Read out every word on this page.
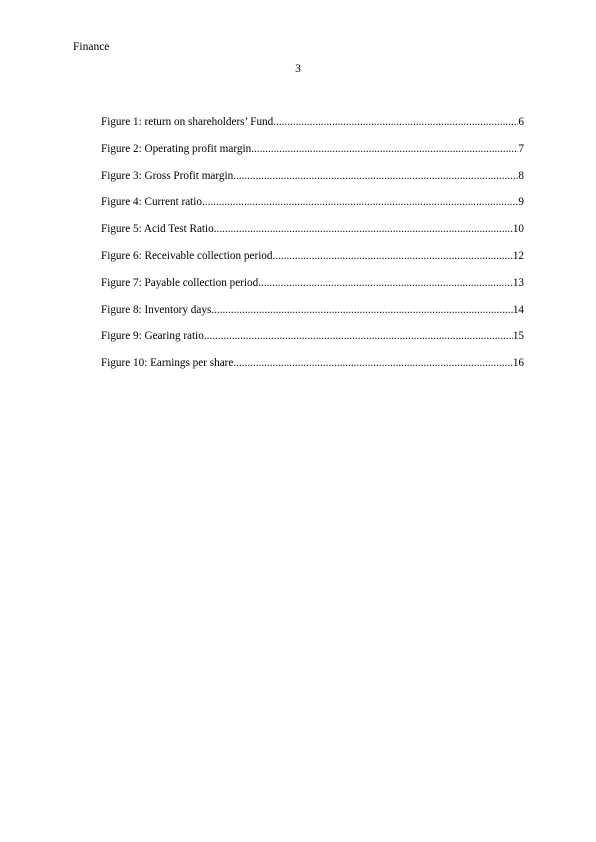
Finance
3
Figure 1: return on shareholders’ Fund .....	6
Figure 2: Operating profit margin .....	7
Figure 3: Gross Profit margin .....	8
Figure 4: Current ratio .....	9
Figure 5: Acid Test Ratio .....	10
Figure 6: Receivable collection period .....	12
Figure 7: Payable collection period .....	13
Figure 8: Inventory days .....	14
Figure 9: Gearing ratio .....	15
Figure 10: Earnings per share .....	16
